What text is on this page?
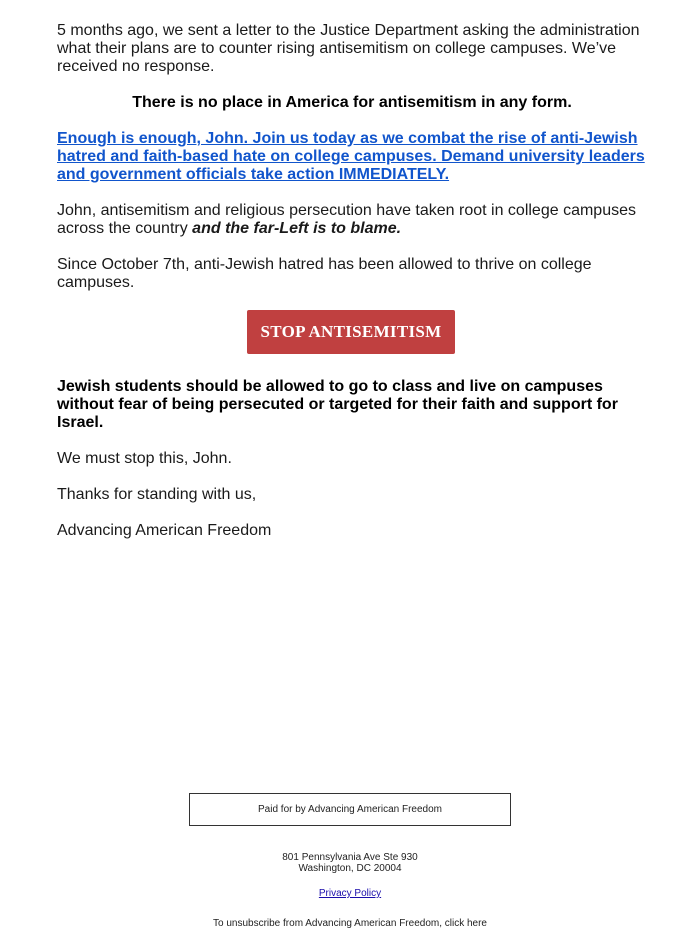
5 months ago, we sent a letter to the Justice Department asking the administration what their plans are to counter rising antisemitism on college campuses. We’ve received no response.

There is no place in America for antisemitism in any form.

Enough is enough, John. Join us today as we combat the rise of anti-Jewish hatred and faith-based hate on college campuses. Demand university leaders and government officials take action IMMEDIATELY.

John, antisemitism and religious persecution have taken root in college campuses across the country and the far-Left is to blame.

Since October 7th, anti-Jewish hatred has been allowed to thrive on college campuses.

STOP ANTISEMITISM

Jewish students should be allowed to go to class and live on campuses without fear of being persecuted or targeted for their faith and support for Israel.

We must stop this, John.

Thanks for standing with us,

Advancing American Freedom

Paid for by Advancing American Freedom
801 Pennsylvania Ave Ste 930
Washington, DC 20004
Privacy Policy
To unsubscribe from Advancing American Freedom, click here
